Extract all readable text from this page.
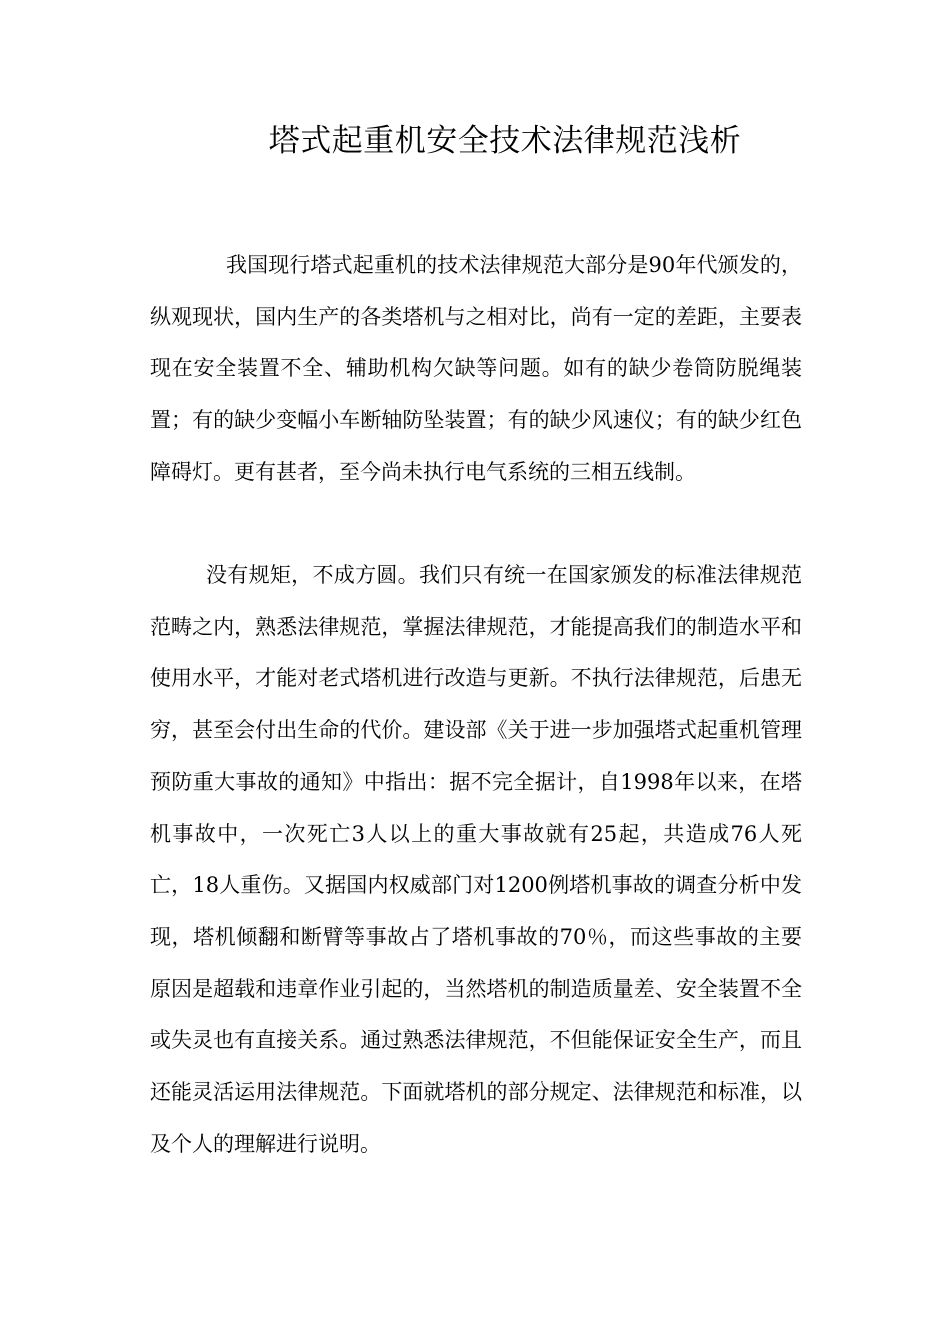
塔式起重机安全技术法律规范浅析

我国现行塔式起重机的技术法律规范大部分是90年代颁发的，纵观现状，国内生产的各类塔机与之相对比，尚有一定的差距，主要表现在安全装置不全、辅助机构欠缺等问题。如有的缺少卷筒防脱绳装置；有的缺少变幅小车断轴防坠装置；有的缺少风速仪；有的缺少红色障碍灯。更有甚者，至今尚未执行电气系统的三相五线制。

没有规矩，不成方圆。我们只有统一在国家颁发的标准法律规范范畴之内，熟悉法律规范，掌握法律规范，才能提高我们的制造水平和使用水平，才能对老式塔机进行改造与更新。不执行法律规范，后患无穷，甚至会付出生命的代价。建设部《关于进一步加强塔式起重机管理预防重大事故的通知》中指出：据不完全据计，自1998年以来，在塔机事故中，一次死亡3人以上的重大事故就有25起，共造成76人死亡，18人重伤。又据国内权威部门对1200例塔机事故的调查分析中发现，塔机倾翻和断臂等事故占了塔机事故的70％，而这些事故的主要原因是超载和违章作业引起的，当然塔机的制造质量差、安全装置不全或失灵也有直接关系。通过熟悉法律规范，不但能保证安全生产，而且还能灵活运用法律规范。下面就塔机的部分规定、法律规范和标准，以及个人的理解进行说明。
